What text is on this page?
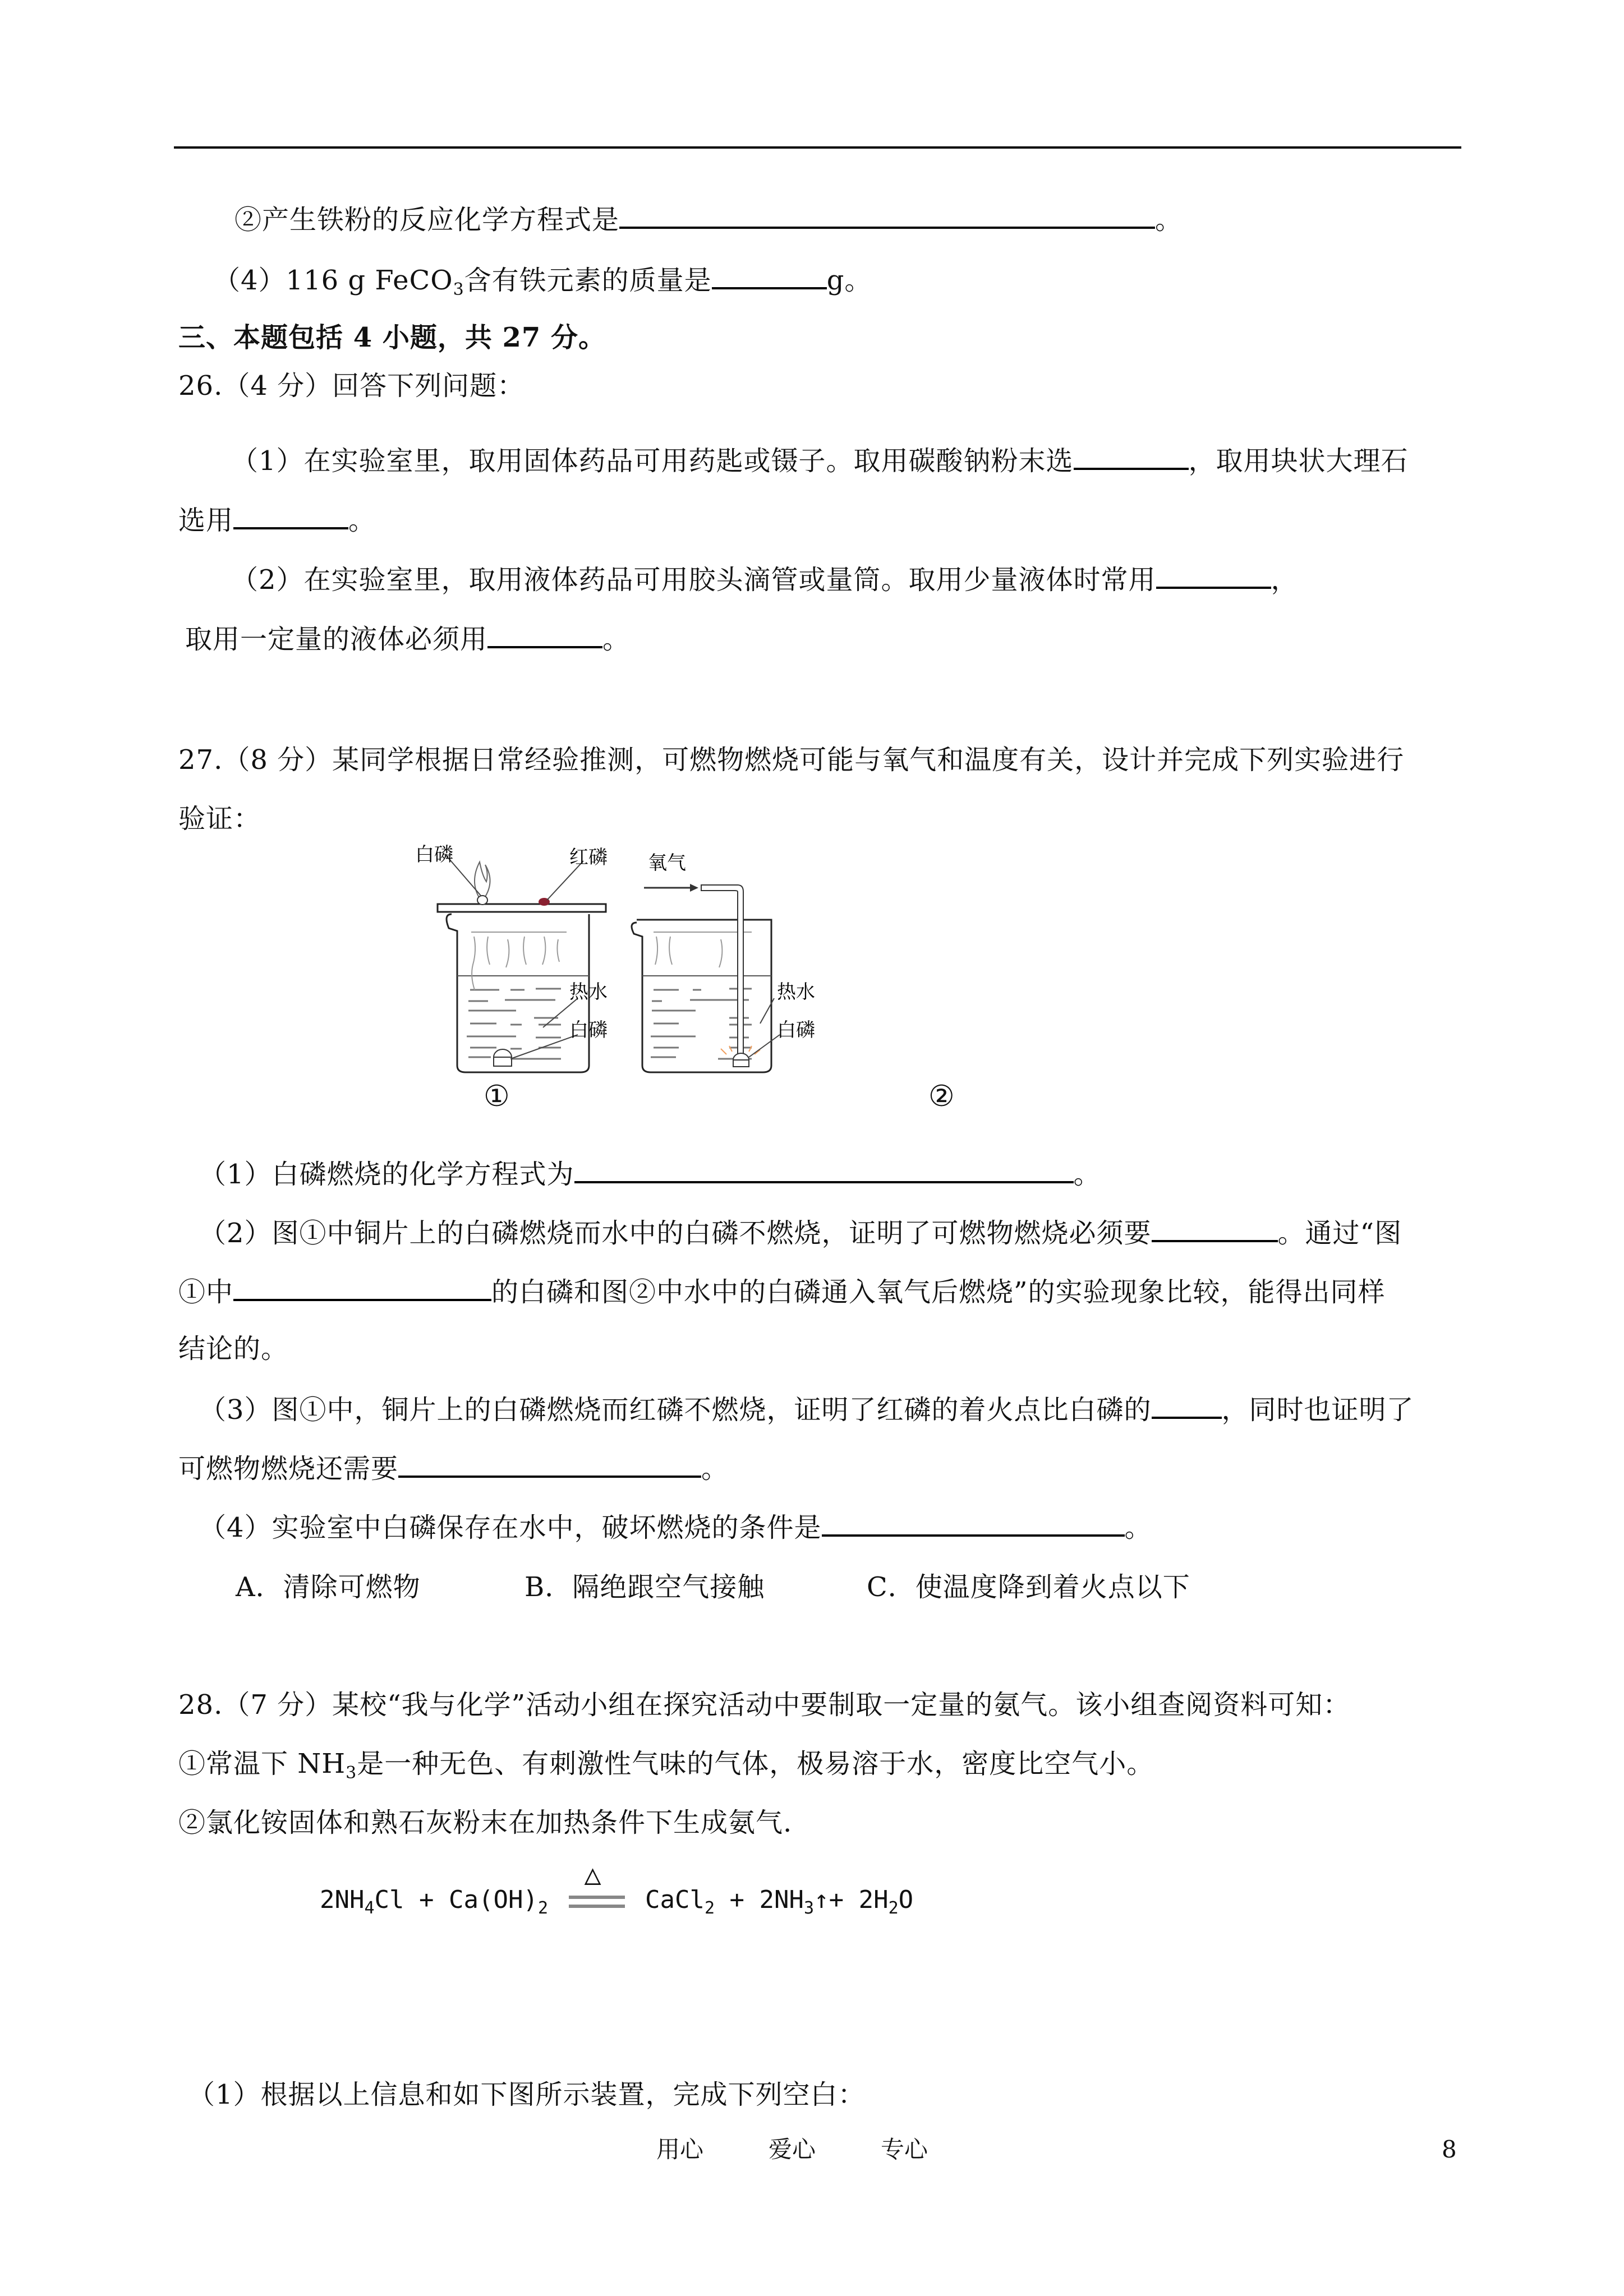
②产生铁粉的反应化学方程式是	。
（4）116 g FeCO$_3$含有铁元素的质量是	g。
三、本题包括 4 小题，共 27 分。
26.（4 分）回答下列问题：
（1）在实验室里，取用固体药品可用药匙或镊子。取用碳酸钠粉末选	，取用块状大理石
选用	。
（2）在实验室里，取用液体药品可用胶头滴管或量筒。取用少量液体时常用	，
取用一定量的液体必须用	。
27.（8 分）某同学根据日常经验推测，可燃物燃烧可能与氧气和温度有关，设计并完成下列实验进行
验证：
白磷	红磷
热水
白磷
氧气
热水
白磷
①	②
（1）白磷燃烧的化学方程式为	。
（2）图①中铜片上的白磷燃烧而水中的白磷不燃烧，证明了可燃物燃烧必须要	。通过“图
①中	的白磷和图②中水中的白磷通入氧气后燃烧”的实验现象比较，能得出同样
结论的。
（3）图①中，铜片上的白磷燃烧而红磷不燃烧，证明了红磷的着火点比白磷的	，同时也证明了
可燃物燃烧还需要	。
（4）实验室中白磷保存在水中，破坏燃烧的条件是	。
A．清除可燃物	B．隔绝跟空气接触	C．使温度降到着火点以下
28.（7 分）某校“我与化学”活动小组在探究活动中要制取一定量的氨气。该小组查阅资料可知：
①常温下 $NH_3$是一种无色、有刺激性气味的气体，极易溶于水，密度比空气小。
②氯化铵固体和熟石灰粉末在加热条件下生成氨气.
$2NH_4Cl + Ca(OH)_2$
△
CaCl$_2$ + $2NH_3↑+ 2H_2O$
（1）根据以上信息和如下图所示装置，完成下列空白：
用心	爱心	专心	8
